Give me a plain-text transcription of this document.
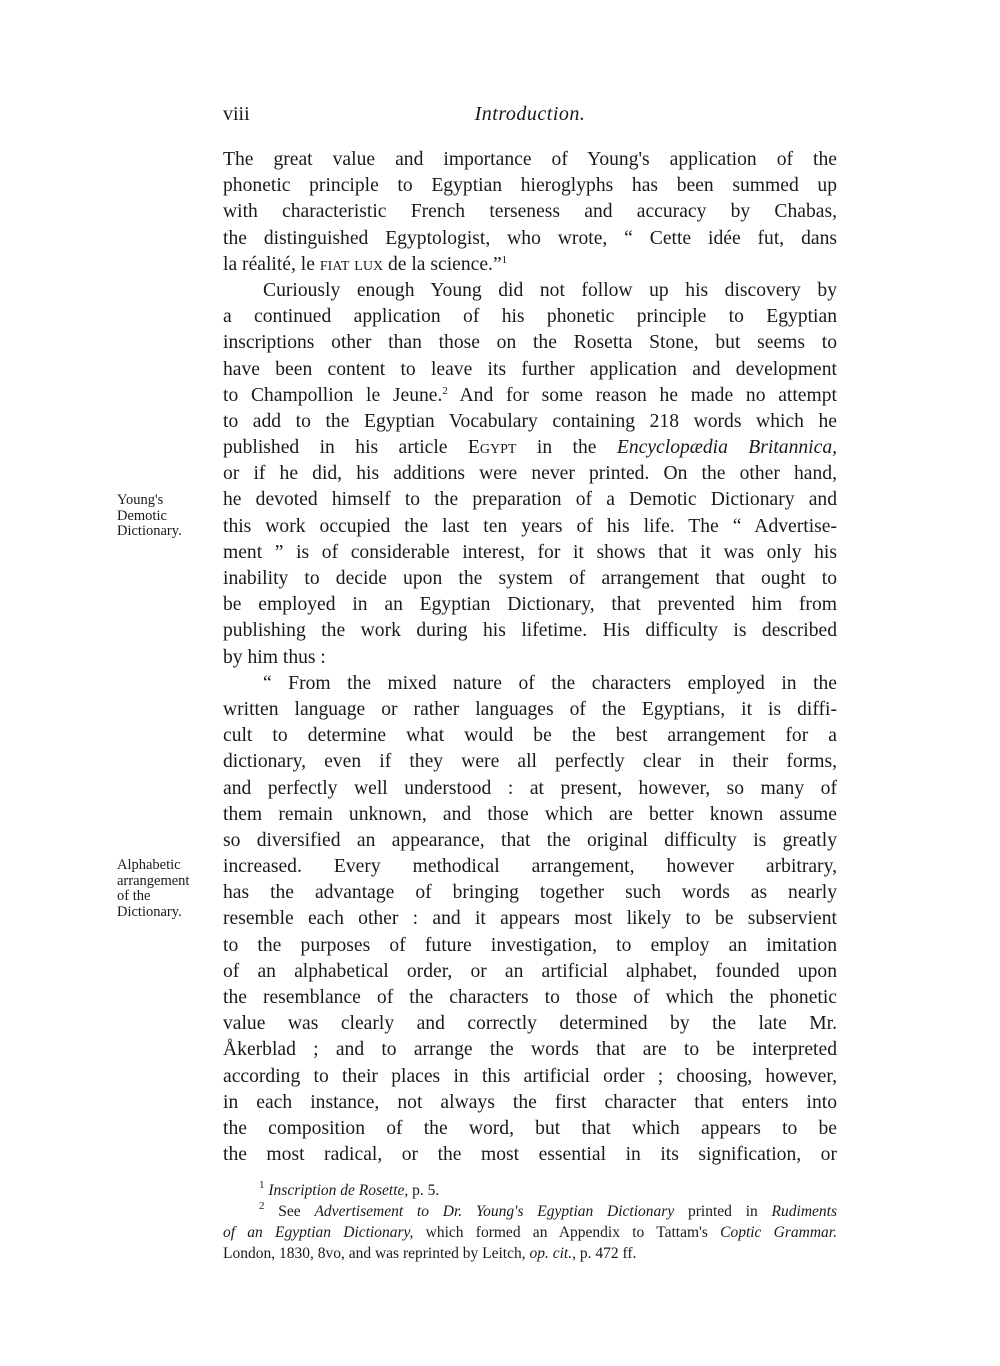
viii	Introduction.
Young's
Demotic
Dictionary.
Alphabetic
arrangement
of the
Dictionary.
The great value and importance of Young's application of the
phonetic principle to Egyptian hieroglyphs has been summed up
with characteristic French terseness and accuracy by Chabas,
the distinguished Egyptologist, who wrote, “ Cette idée fut, dans
la réalité, le fiat lux de la science.”$^1$
Curiously enough Young did not follow up his discovery by
a continued application of his phonetic principle to Egyptian
inscriptions other than those on the Rosetta Stone, but seems to
have been content to leave its further application and development
to Champollion le Jeune.$^2$ And for some reason he made no attempt
to add to the Egyptian Vocabulary containing 218 words which he
published in his article Egypt in the Encyclopædia Britannica,
or if he did, his additions were never printed. On the other hand,
he devoted himself to the preparation of a Demotic Dictionary and
this work occupied the last ten years of his life. The “ Advertise-
ment ” is of considerable interest, for it shows that it was only his
inability to decide upon the system of arrangement that ought to
be employed in an Egyptian Dictionary, that prevented him from
publishing the work during his lifetime. His difficulty is described
by him thus :
“ From the mixed nature of the characters employed in the
written language or rather languages of the Egyptians, it is diffi-
cult to determine what would be the best arrangement for a
dictionary, even if they were all perfectly clear in their forms,
and perfectly well understood : at present, however, so many of
them remain unknown, and those which are better known assume
so diversified an appearance, that the original difficulty is greatly
increased. Every methodical arrangement, however arbitrary,
has the advantage of bringing together such words as nearly
resemble each other : and it appears most likely to be subservient
to the purposes of future investigation, to employ an imitation
of an alphabetical order, or an artificial alphabet, founded upon
the resemblance of the characters to those of which the phonetic
value was clearly and correctly determined by the late Mr.
Åkerblad ; and to arrange the words that are to be interpreted
according to their places in this artificial order ; choosing, however,
in each instance, not always the first character that enters into
the composition of the word, but that which appears to be
the most radical, or the most essential in its signification, or
$^1$ Inscription de Rosette, p. 5.
$^2$ See Advertisement to Dr. Young's Egyptian Dictionary printed in Rudiments
of an Egyptian Dictionary, which formed an Appendix to Tattam's Coptic Grammar.
London, 1830, 8vo, and was reprinted by Leitch, op. cit., p. 472 ff.
